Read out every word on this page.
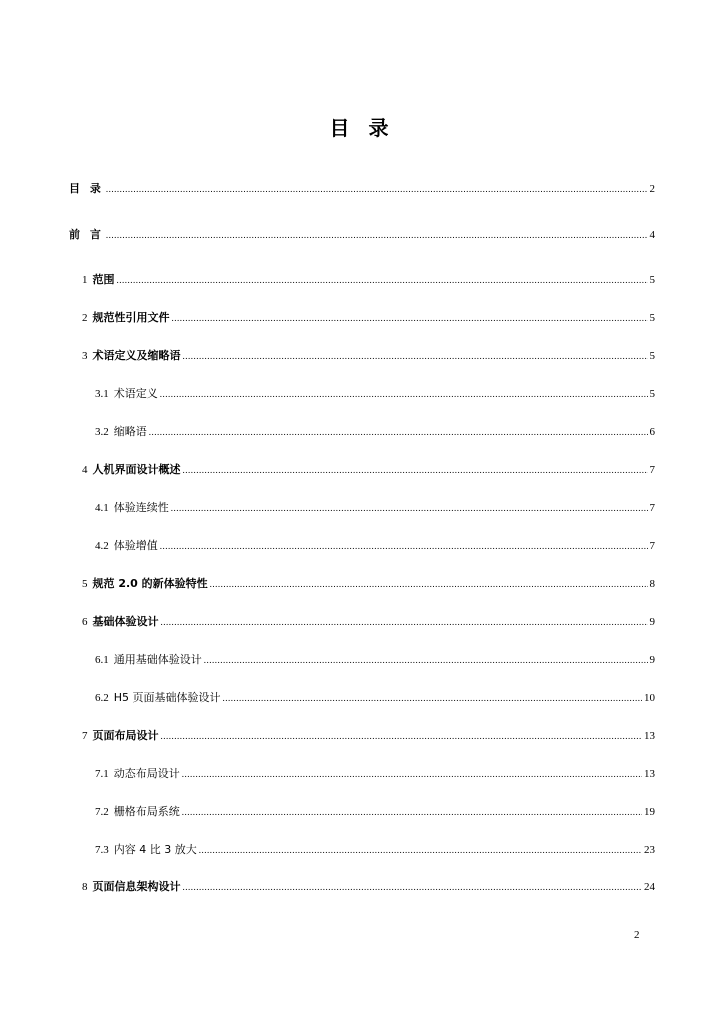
目 录
目 录 .....	2
前 言 .....	4
1 范围 .....	5
2 规范性引用文件 .....	5
3 术语定义及缩略语 .....	5
3.1 术语定义 .....	5
3.2 缩略语 .....	6
4 人机界面设计概述 .....	7
4.1 体验连续性 .....	7
4.2 体验增值 .....	7
5 规范 2.0 的新体验特性 .....	8
6 基础体验设计 .....	9
6.1 通用基础体验设计 .....	9
6.2 H5 页面基础体验设计 .....	10
7 页面布局设计 .....	13
7.1 动态布局设计 .....	13
7.2 栅格布局系统 .....	19
7.3 内容 4 比 3 放大 .....	23
8 页面信息架构设计 .....	24
2
